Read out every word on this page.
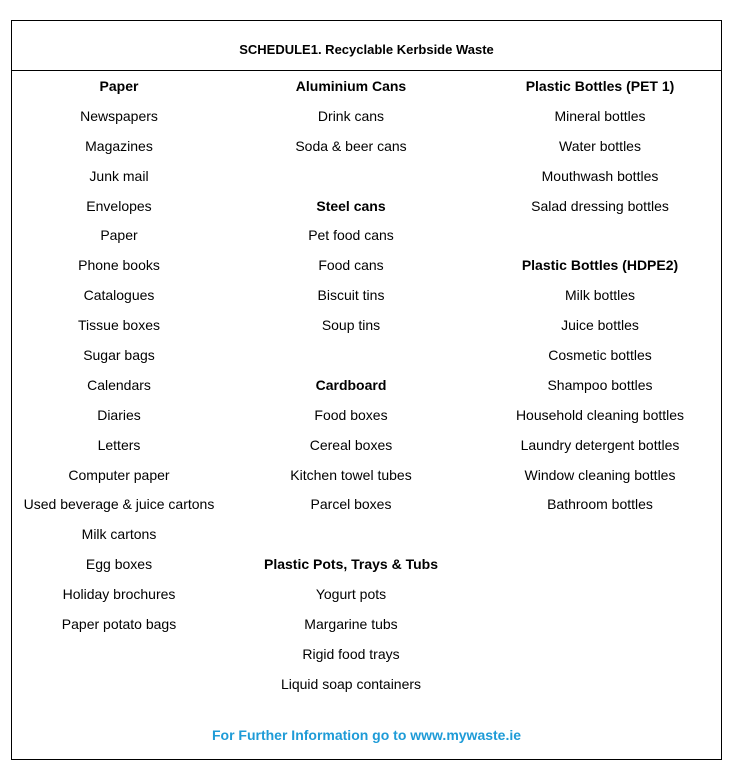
SCHEDULE1. Recyclable Kerbside Waste
Paper
Newspapers
Magazines
Junk mail
Envelopes
Paper
Phone books
Catalogues
Tissue boxes
Sugar bags
Calendars
Diaries
Letters
Computer paper
Used beverage & juice cartons
Milk cartons
Egg boxes
Holiday brochures
Paper potato bags
Aluminium Cans
Drink cans
Soda & beer cans
Steel cans
Pet food cans
Food cans
Biscuit tins
Soup tins
Cardboard
Food boxes
Cereal boxes
Kitchen towel tubes
Parcel boxes
Plastic Pots, Trays & Tubs
Yogurt pots
Margarine tubs
Rigid food trays
Liquid soap containers
Plastic Bottles (PET 1)
Mineral bottles
Water bottles
Mouthwash bottles
Salad dressing bottles
Plastic Bottles (HDPE2)
Milk bottles
Juice bottles
Cosmetic bottles
Shampoo bottles
Household cleaning bottles
Laundry detergent bottles
Window cleaning bottles
Bathroom bottles
For Further Information go to www.mywaste.ie
